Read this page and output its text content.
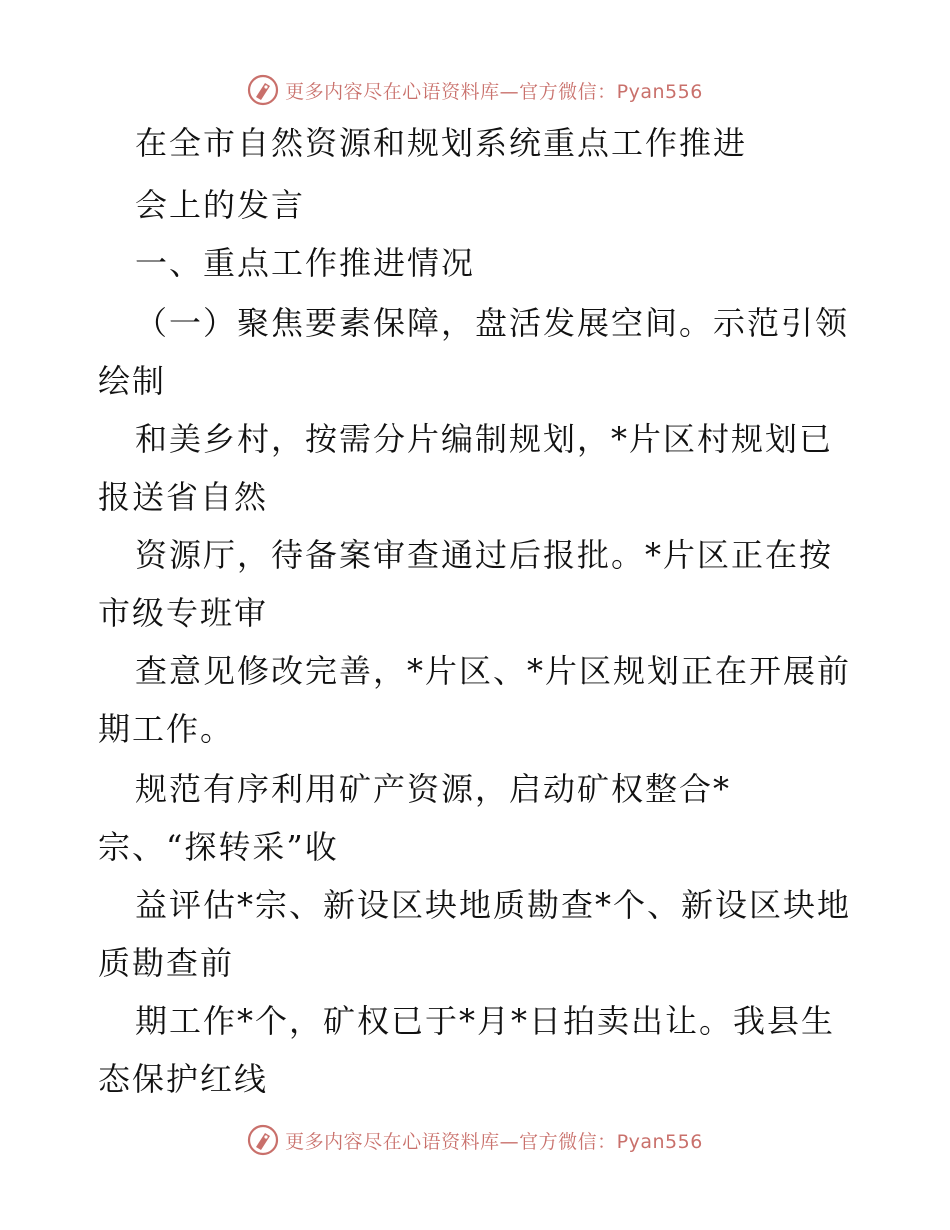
更多内容尽在心语资料库—官方微信：Pyan556
在全市自然资源和规划系统重点工作推进
会上的发言
一、重点工作推进情况
（一）聚焦要素保障，盘活发展空间。示范引领
绘制
和美乡村，按需分片编制规划，*片区村规划已
报送省自然
资源厅，待备案审查通过后报批。*片区正在按
市级专班审
查意见修改完善，*片区、*片区规划正在开展前
期工作。
规范有序利用矿产资源，启动矿权整合*
宗、“探转采”收
益评估*宗、新设区块地质勘查*个、新设区块地
质勘查前
期工作*个，矿权已于*月*日拍卖出让。我县生
态保护红线
更多内容尽在心语资料库—官方微信：Pyan556
